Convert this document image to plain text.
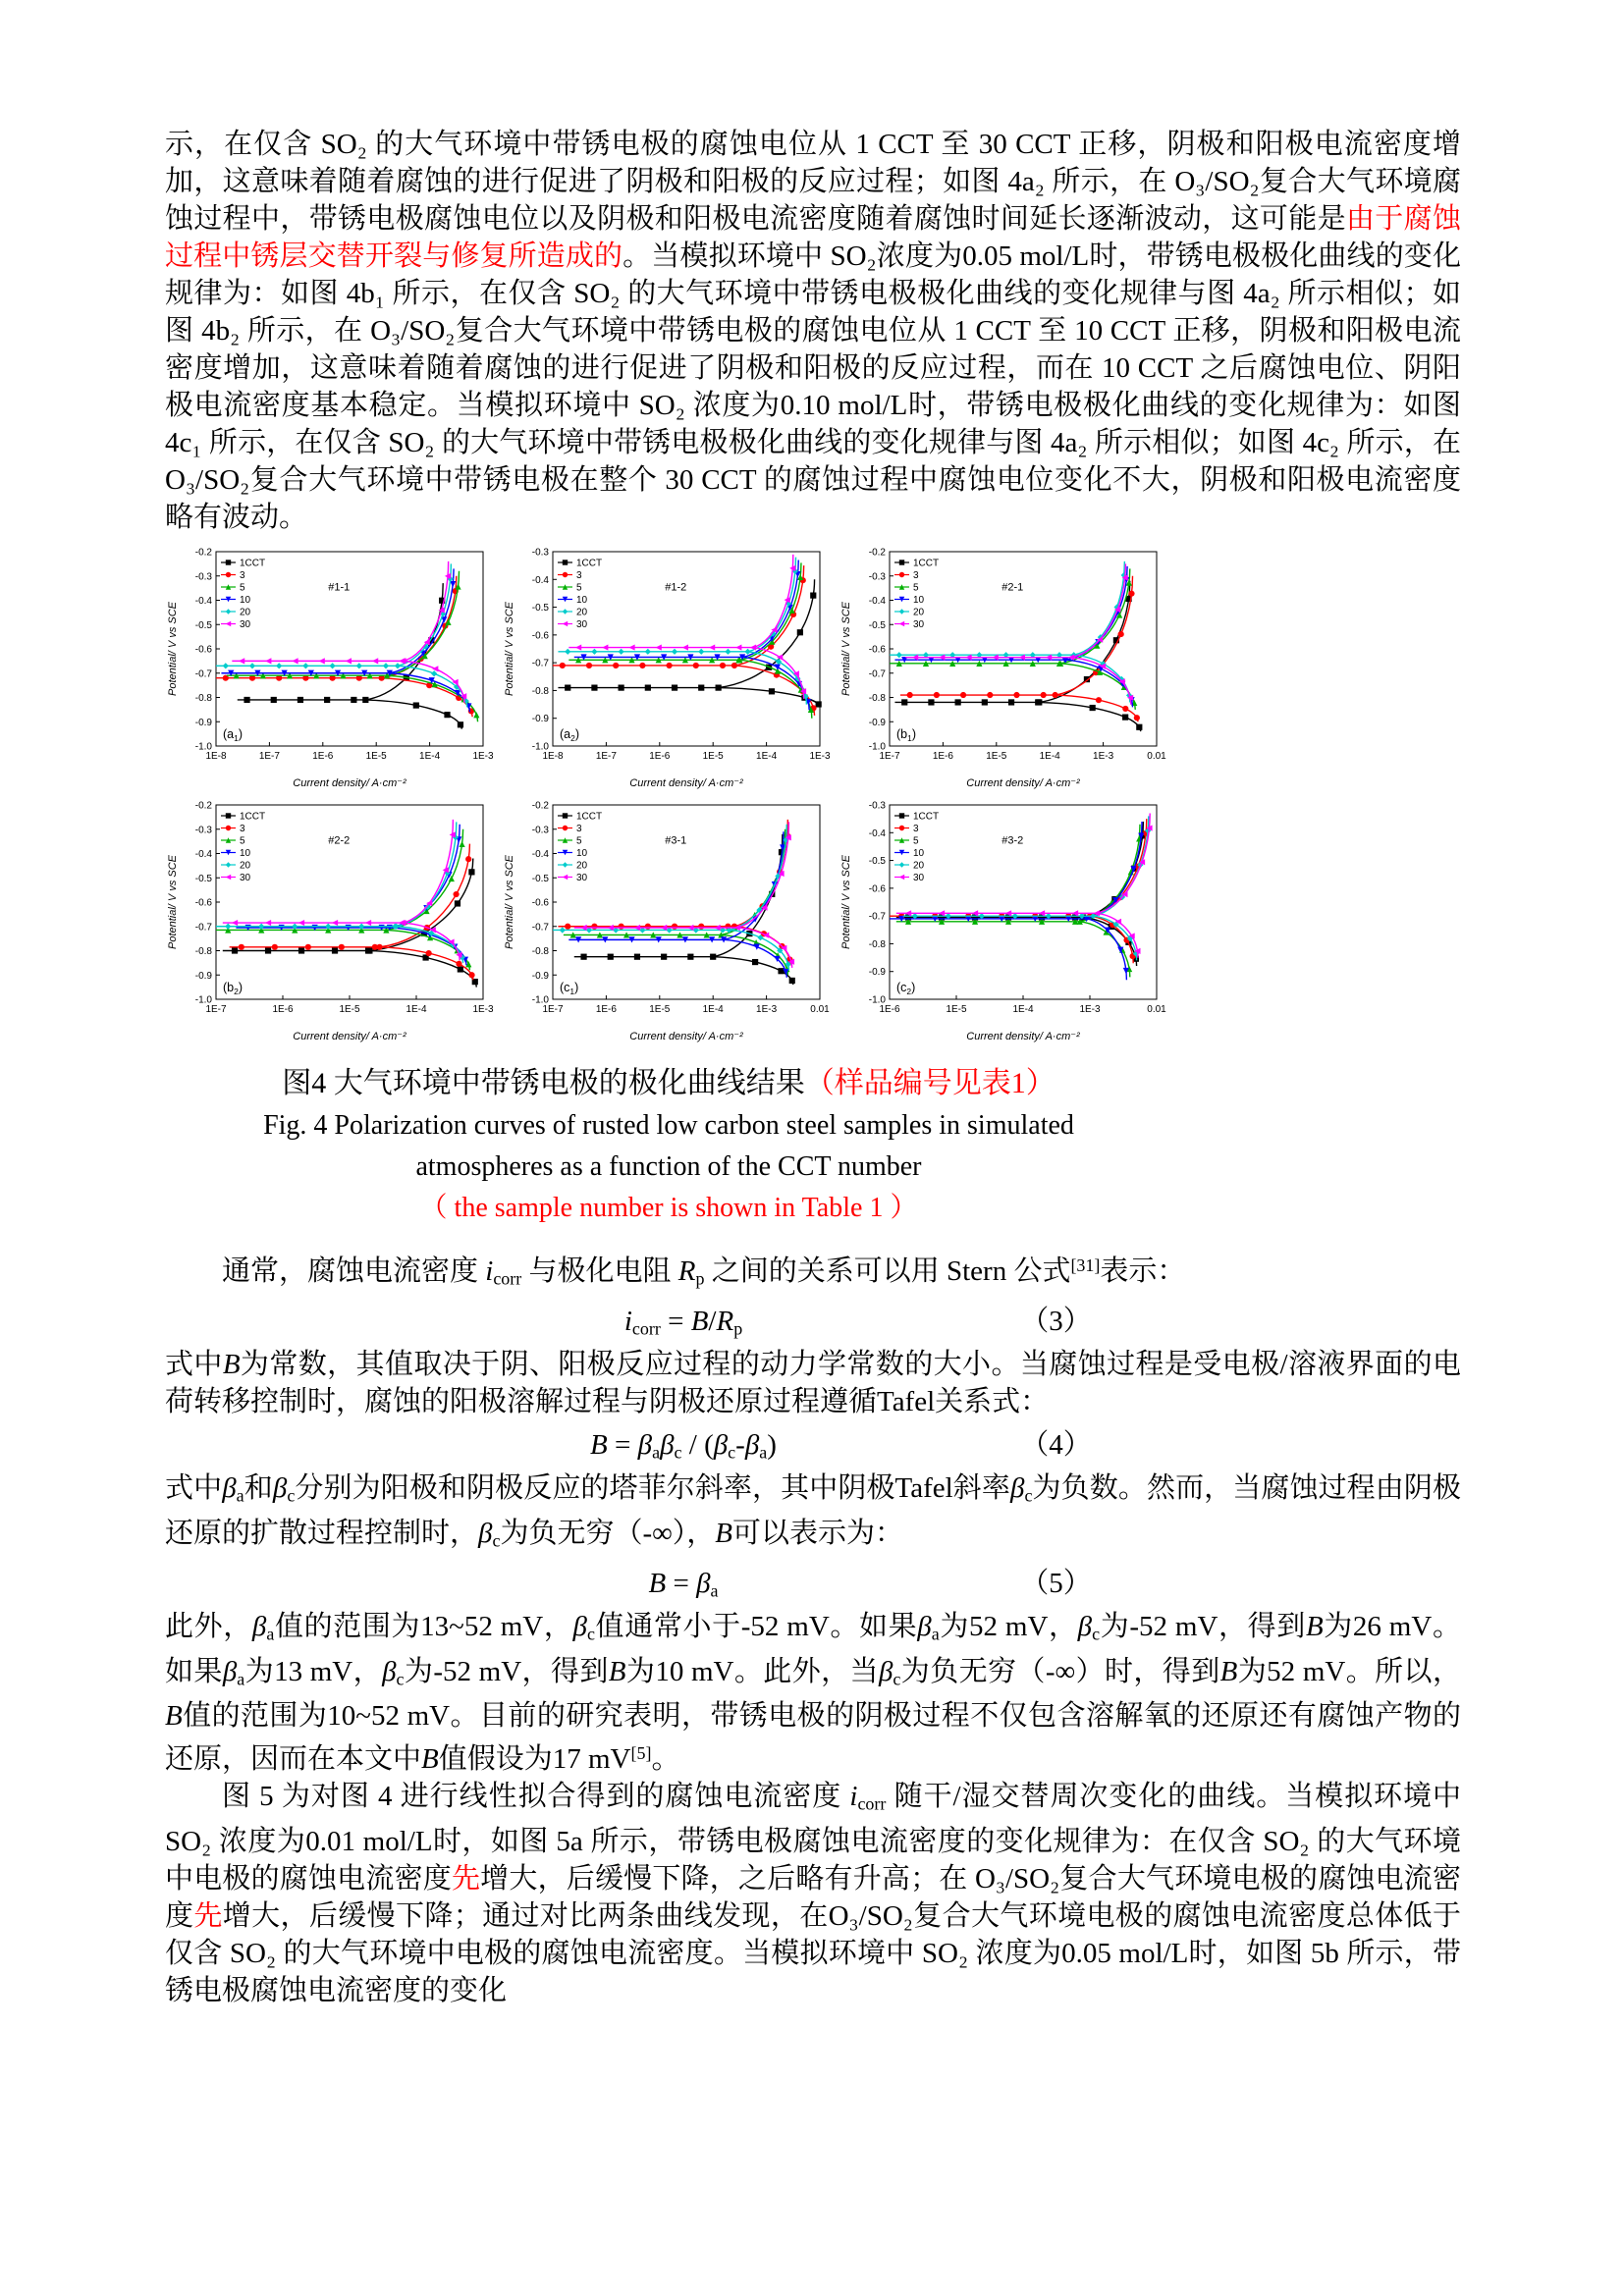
示，在仅含 SO₂ 的大气环境中带锈电极的腐蚀电位从 1 CCT 至 30 CCT 正移，阴极和阳极电流密度增加，这意味着随着腐蚀的进行促进了阴极和阳极的反应过程；如图 4a₂ 所示，在 O₃/SO₂复合大气环境腐蚀过程中，带锈电极腐蚀电位以及阴极和阳极电流密度随着腐蚀时间延长逐渐波动，这可能是由于腐蚀过程中锈层交替开裂与修复所造成的。当模拟环境中 SO₂浓度为0.05 mol/L时，带锈电极极化曲线的变化规律为：如图 4b₁ 所示，在仅含 SO₂ 的大气环境中带锈电极极化曲线的变化规律与图 4a₂ 所示相似；如图 4b₂ 所示，在 O₃/SO₂复合大气环境中带锈电极的腐蚀电位从 1 CCT 至 10 CCT 正移，阴极和阳极电流密度增加，这意味着随着腐蚀的进行促进了阴极和阳极的反应过程，而在 10 CCT 之后腐蚀电位、阴阳极电流密度基本稳定。当模拟环境中 SO₂ 浓度为0.10 mol/L时，带锈电极极化曲线的变化规律为：如图 4c₁ 所示，在仅含 SO₂ 的大气环境中带锈电极极化曲线的变化规律与图 4a₂ 所示相似；如图 4c₂ 所示，在 O₃/SO₂复合大气环境中带锈电极在整个 30 CCT 的腐蚀过程中腐蚀电位变化不大，阴极和阳极电流密度略有波动。

1E-8	1E-7	1E-6	1E-5	1E-4	1E-3
-0.2
-0.3
-0.4
-0.5
-0.6
-0.7
-0.8
-0.9
-1.0
Current density/ A·cm⁻²
Potential/ V vs SCE
1CCT
3
5
10
20
30
#1-1
$(a_1)$
1E-8	1E-7	1E-6	1E-5	1E-4	1E-3
-0.3
-0.4
-0.5
-0.6
-0.7
-0.8
-0.9
-1.0
Current density/ A·cm⁻²
Potential/ V vs SCE
1CCT
3
5
10
20
30
#1-2
$(a_2)$
1E-7	1E-6	1E-5	1E-4	1E-3	0.01
-0.2
-0.3
-0.4
-0.5
-0.6
-0.7
-0.8
-0.9
-1.0
Current density/ A·cm⁻²
Potential/ V vs SCE
1CCT
3
5
10
20
30
#2-1
$(b_1)$
1E-7	1E-6	1E-5	1E-4	1E-3
-0.2
-0.3
-0.4
-0.5
-0.6
-0.7
-0.8
-0.9
-1.0
Current density/ A·cm⁻²
Potential/ V vs SCE
1CCT
3
5
10
20
30
#2-2
$(b_2)$
1E-7	1E-6	1E-5	1E-4	1E-3	0.01
-0.2
-0.3
-0.4
-0.5
-0.6
-0.7
-0.8
-0.9
-1.0
Current density/ A·cm⁻²
Potential/ V vs SCE
1CCT
3
5
10
20
30
#3-1
$(c_1)$
1E-6	1E-5	1E-4	1E-3	0.01
-0.3
-0.4
-0.5
-0.6
-0.7
-0.8
-0.9
-1.0
Current density/ A·cm⁻²
Potential/ V vs SCE
1CCT
3
5
10
20
30
#3-2
$(c_2)$
图4 大气环境中带锈电极的极化曲线结果（样品编号见表1）
Fig. 4 Polarization curves of rusted low carbon steel samples in simulated
atmospheres as a function of the CCT number （ the sample number is shown in Table 1 ）

通常，腐蚀电流密度 icorr 与极化电阻 Rp 之间的关系可以用 Stern 公式[31]表示：

icorr = B/Rp	（3）

式中B为常数，其值取决于阴、阳极反应过程的动力学常数的大小。当腐蚀过程是受电极/溶液界面的电荷转移控制时，腐蚀的阳极溶解过程与阴极还原过程遵循Tafel关系式：

B = βaβc / (βc-βa)	（4）

式中βa和βc分别为阳极和阴极反应的塔菲尔斜率，其中阴极Tafel斜率βc为负数。然而，当腐蚀过程由阴极还原的扩散过程控制时，βc为负无穷（-∞），B可以表示为：

B = βa	（5）

此外，βa值的范围为13~52 mV，βc值通常小于-52 mV。如果βa为52 mV，βc为-52 mV，得到B为26 mV。如果βa为13 mV，βc为-52 mV，得到B为10 mV。此外，当βc为负无穷（-∞）时，得到B为52 mV。所以，B值的范围为10~52 mV。目前的研究表明，带锈电极的阴极过程不仅包含溶解氧的还原还有腐蚀产物的还原，因而在本文中B值假设为17 mV[5]。

图 5 为对图 4 进行线性拟合得到的腐蚀电流密度 icorr 随干/湿交替周次变化的曲线。当模拟环境中 SO₂ 浓度为0.01 mol/L时，如图 5a 所示，带锈电极腐蚀电流密度的变化规律为：在仅含 SO₂ 的大气环境中电极的腐蚀电流密度先增大，后缓慢下降，之后略有升高；在 O₃/SO₂复合大气环境电极的腐蚀电流密度先增大，后缓慢下降；通过对比两条曲线发现，在O₃/SO₂复合大气环境电极的腐蚀电流密度总体低于仅含 SO₂ 的大气环境中电极的腐蚀电流密度。当模拟环境中 SO₂ 浓度为0.05 mol/L时，如图 5b 所示，带锈电极腐蚀电流密度的变化
